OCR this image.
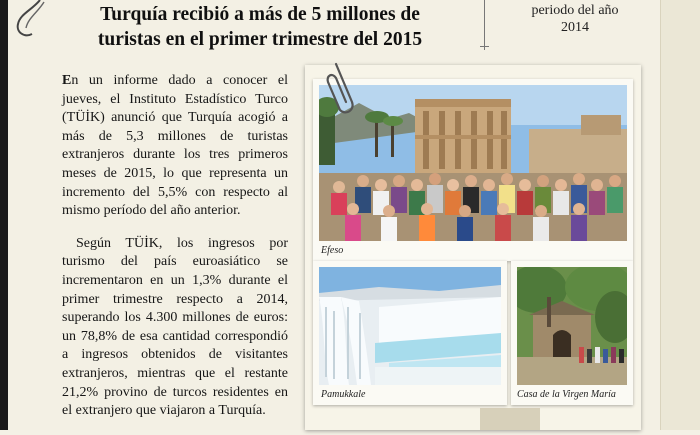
Turquía recibió a más de 5 millones de
turistas en el primer trimestre del 2015
periodo del año
2014

En un informe dado a conocer el jueves, el Instituto Estadístico Turco (TÜİK) anunció que Turquía acogió a más de 5,3 millones de turistas extranjeros durante los tres primeros meses de 2015, lo que representa un incremento del 5,5% con respecto al mismo período del año anterior.

Según TÜİK, los ingresos por turismo del país euroasiático se incrementaron en un 1,3% durante el primer trimestre respecto a 2014, superando los 4.300 millones de euros: un 78,8% de esa cantidad correspondió a ingresos obtenidos de visitantes extranjeros, mientras que el restante 21,2% provino de turcos residentes en el extranjero que viajaron a Turquía.

Efeso
Pamukkale	Casa de la Virgen María
